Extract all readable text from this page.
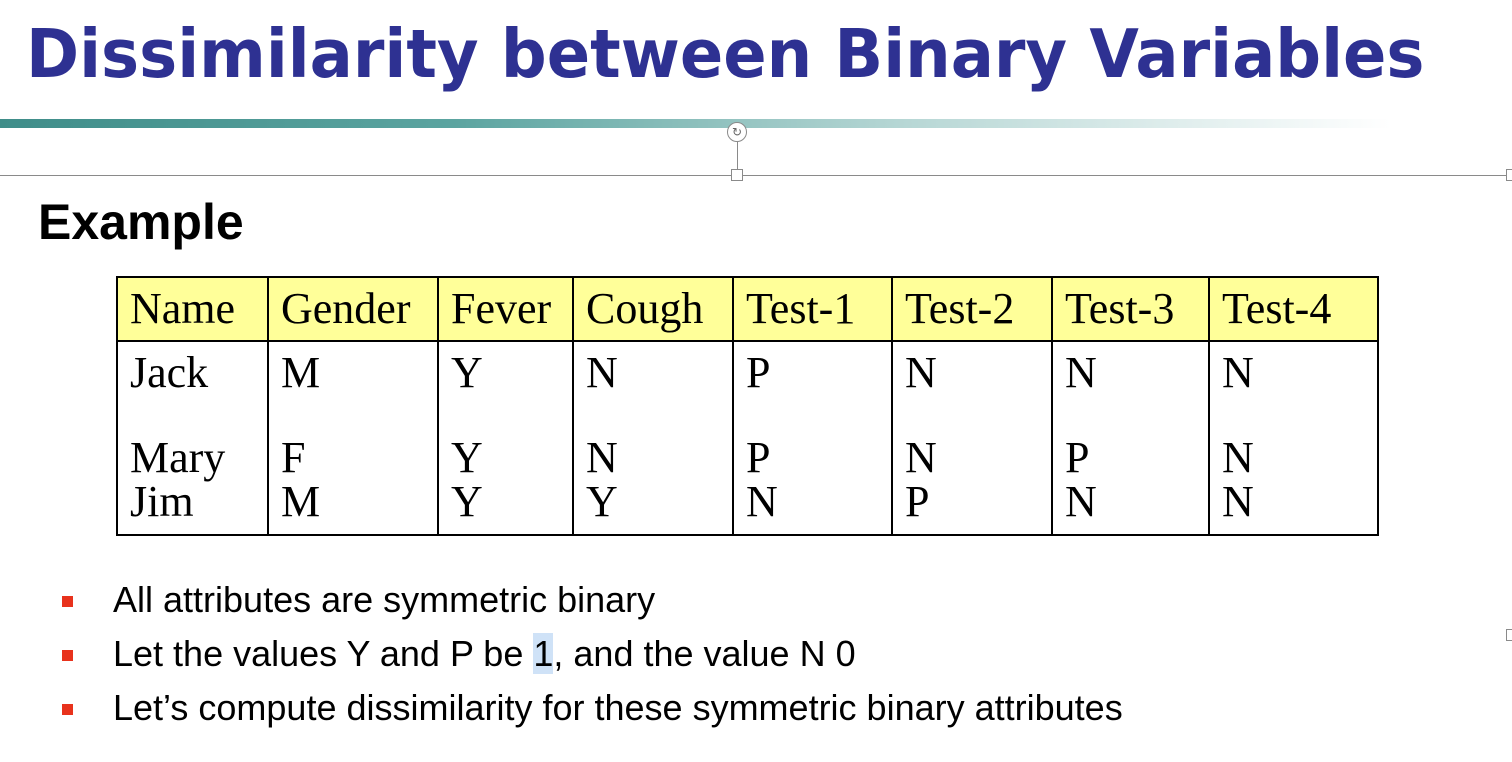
Dissimilarity between Binary Variables
↻
Example
Name	Gender	Fever	Cough	Test-1	Test-2	Test-3	Test-4
Jack	M	Y	N	P	N	N	N
Mary	F	Y	N	P	N	P	N
Jim	M	Y	Y	N	P	N	N
All attributes are symmetric binary
Let the values Y and P be 1, and the value N 0
Let’s compute dissimilarity for these symmetric binary attributes
